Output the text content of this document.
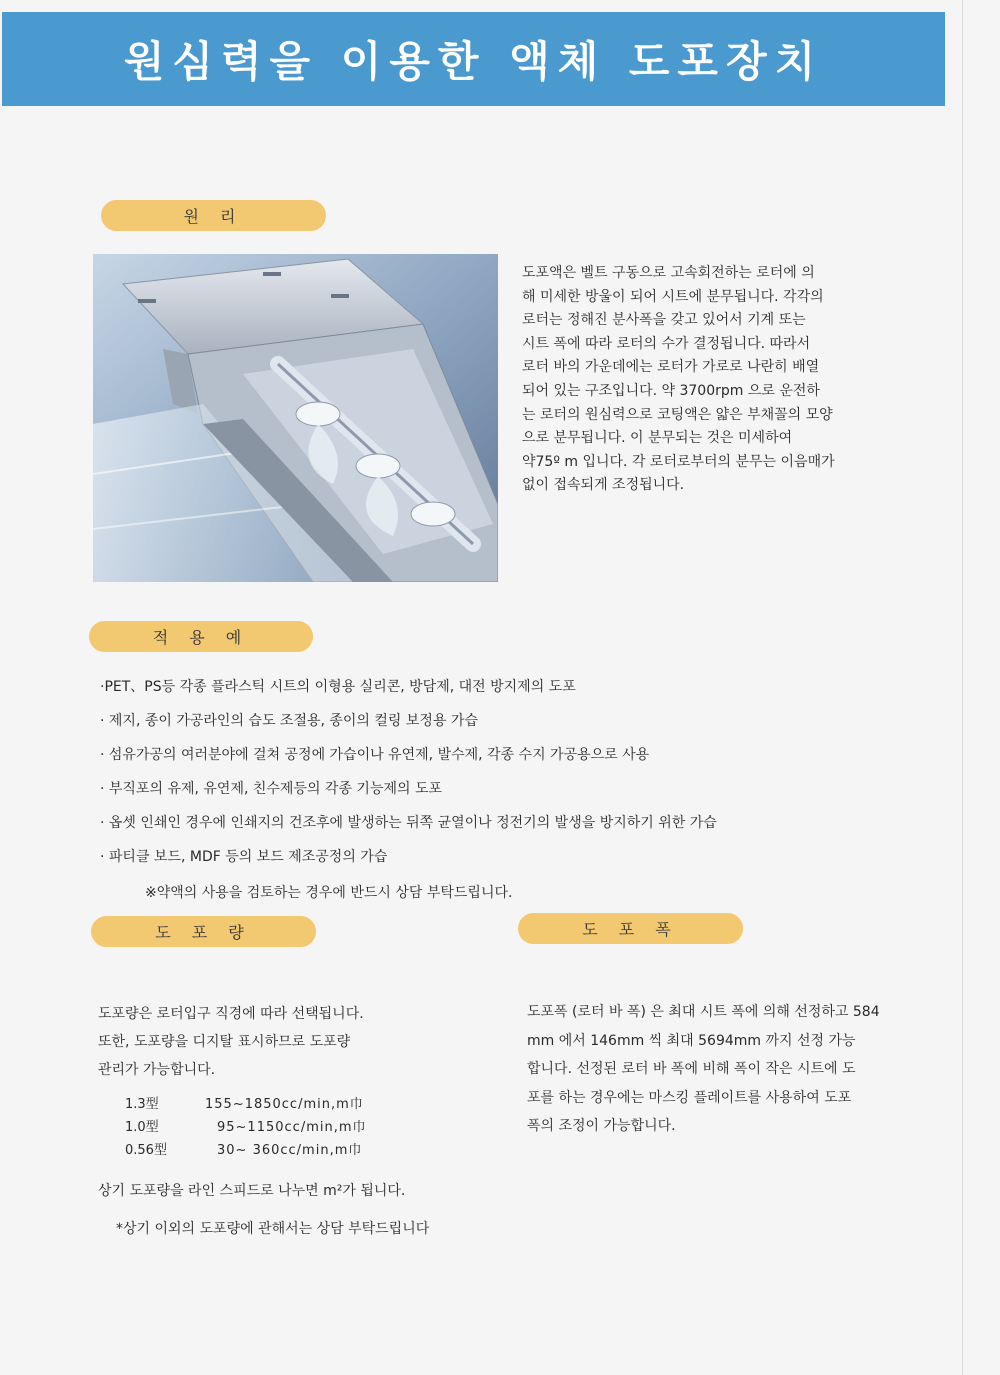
원심력을 이용한 액체 도포장치
원 리
도포액은 벨트 구동으로 고속회전하는 로터에 의
해 미세한 방울이 되어 시트에 분무됩니다. 각각의
로터는 정해진 분사폭을 갖고 있어서 기계 또는
시트 폭에 따라 로터의 수가 결정됩니다. 따라서
로터 바의 가운데에는 로터가 가로로 나란히 배열
되어 있는 구조입니다. 약 3700rpm 으로 운전하
는 로터의 원심력으로 코팅액은 얇은 부채꼴의 모양
으로 분무됩니다. 이 분무되는 것은 미세하여
약75º m 입니다. 각 로터로부터의 분무는 이음매가
없이 접속되게 조정됩니다.
적 용 예
·PET、PS등 각종 플라스틱 시트의 이형용 실리콘, 방담제, 대전 방지제의 도포
· 제지, 종이 가공라인의 습도 조절용, 종이의 컬링 보정용 가습
· 섬유가공의 여러분야에 걸쳐 공정에 가습이나 유연제, 발수제, 각종 수지 가공용으로 사용
· 부직포의 유제, 유연제, 친수제등의 각종 기능제의 도포
· 옵셋 인쇄인 경우에 인쇄지의 건조후에 발생하는 뒤쪽 균열이나 정전기의 발생을 방지하기 위한 가습
· 파티클 보드, MDF 등의 보드 제조공정의 가습
※약액의 사용을 검토하는 경우에 반드시 상담 부탁드립니다.
도 포 량
도포량은 로터입구 직경에 따라 선택됩니다.
또한, 도포량을 디지탈 표시하므로 도포량
관리가 가능합니다.
1.3型	155~1850cc/min,m巾
1.0型	95~1150cc/min,m巾
0.56型	30~ 360cc/min,m巾
상기 도포량을 라인 스피드로 나누면 m²가 됩니다.
*상기 이외의 도포량에 관해서는 상담 부탁드립니다
도 포 폭
도포폭 (로터 바 폭) 은 최대 시트 폭에 의해 선정하고 584
mm 에서 146mm 씩 최대 5694mm 까지 선정 가능
합니다. 선정된 로터 바 폭에 비해 폭이 작은 시트에 도
포를 하는 경우에는 마스킹 플레이트를 사용하여 도포
폭의 조정이 가능합니다.
